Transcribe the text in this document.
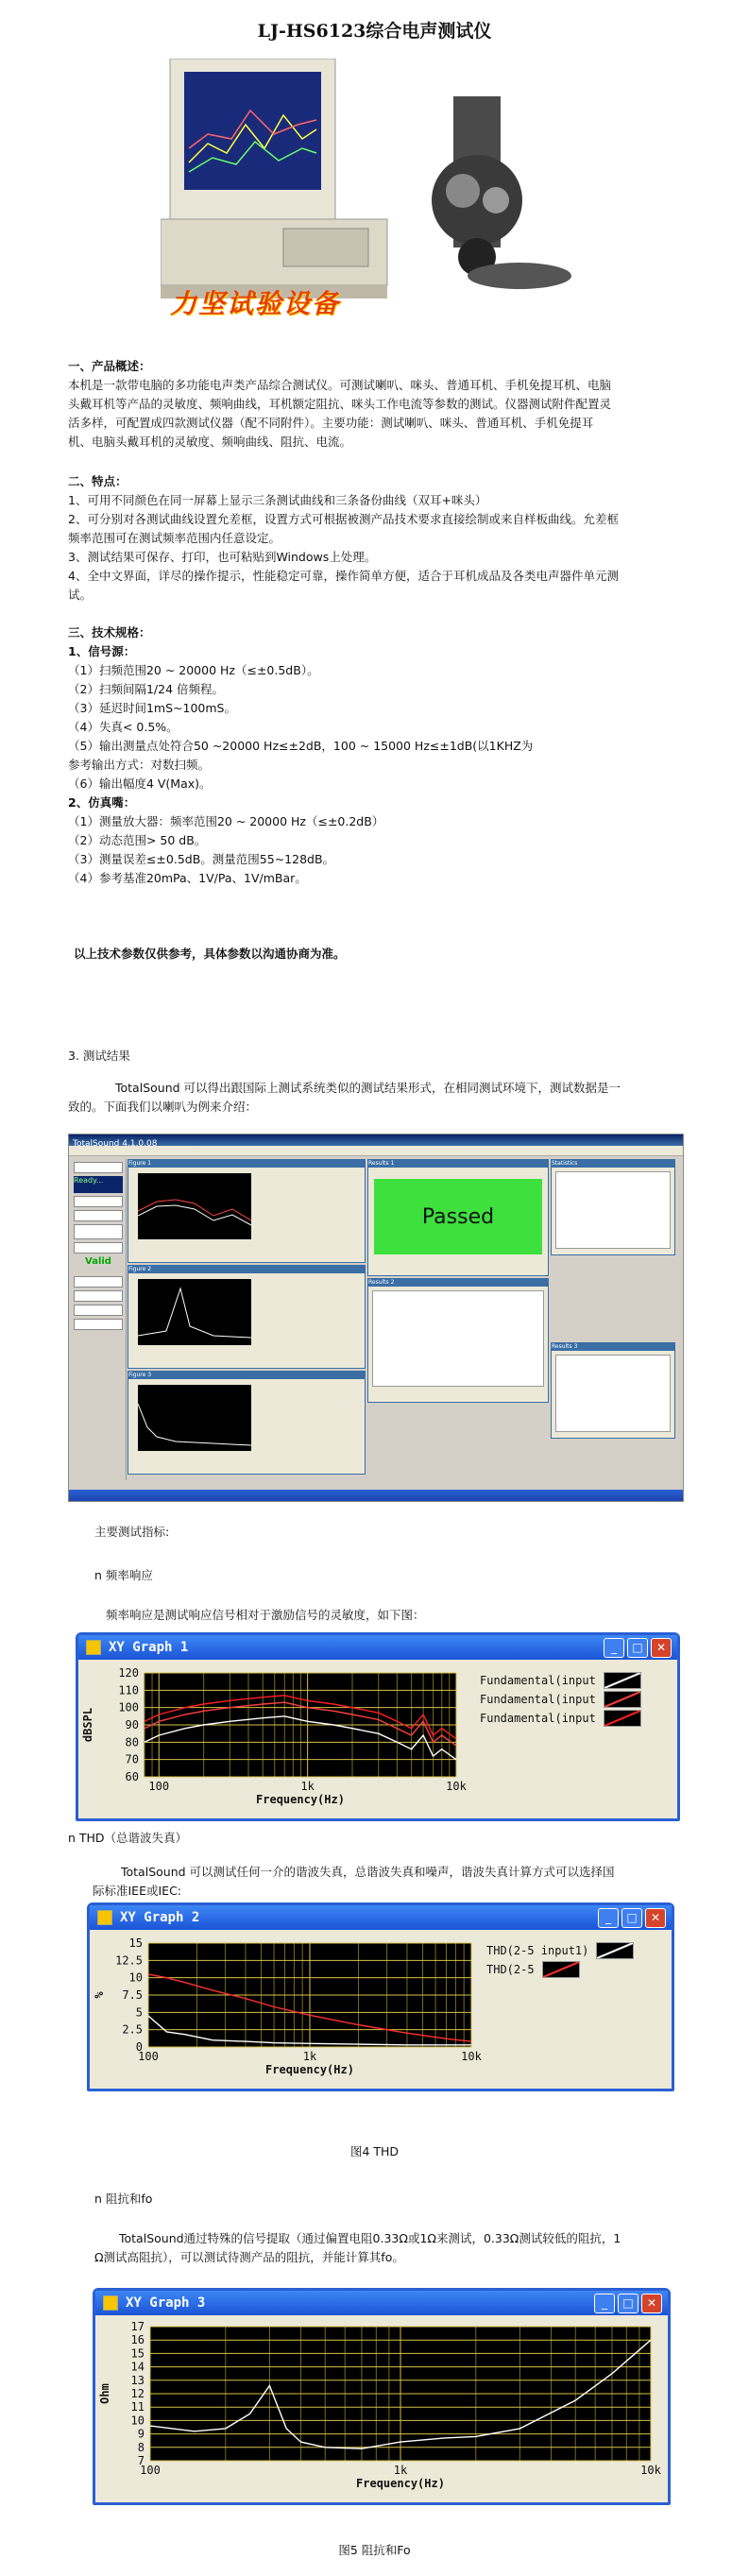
LJ-HS6123综合电声测试仪
力坚试验设备
一、产品概述：
本机是一款带电脑的多功能电声类产品综合测试仪。可测试喇叭、咪头、普通耳机、手机免提耳机、电脑
头戴耳机等产品的灵敏度、频响曲线，耳机额定阻抗、咪头工作电流等参数的测试。仪器测试附件配置灵
活多样，可配置成四款测试仪器（配不同附件）。主要功能：测试喇叭、咪头、普通耳机、手机免提耳
机、电脑头戴耳机的灵敏度、频响曲线、阻抗、电流。
二、特点：
1、可用不同颜色在同一屏幕上显示三条测试曲线和三条备份曲线（双耳+咪头）
2、可分别对各测试曲线设置允差框，设置方式可根据被测产品技术要求直接绘制或来自样板曲线。允差框
频率范围可在测试频率范围内任意设定。
3、测试结果可保存、打印，也可粘贴到Windows上处理。
4、全中文界面，详尽的操作提示，性能稳定可靠，操作简单方便，适合于耳机成品及各类电声器件单元测
试。
三、技术规格：
1、信号源：
（1）扫频范围20 ~ 20000 Hz（≤±0.5dB）。
（2）扫频间隔1/24 倍频程。
（3）延迟时间1mS~100mS。
（4）失真< 0.5%。
（5）输出测量点处符合50 ~20000 Hz≤±2dB，100 ~ 15000 Hz≤±1dB(以1KHZ为
参考输出方式：对数扫频。
（6）输出幅度4 V(Max)。
2、仿真嘴：
（1）测量放大器：频率范围20 ~ 20000 Hz（≤±0.2dB）
（2）动态范围> 50 dB。
（3）测量误差≤±0.5dB。测量范围55~128dB。
（4）参考基准20mPa、1V/Pa、1V/mBar。
以上技术参数仅供参考，具体参数以沟通协商为准。
3. 测试结果
TotalSound 可以得出跟国际上测试系统类似的测试结果形式，在相同测试环境下，测试数据是一
致的。下面我们以喇叭为例来介绍：
TotalSound 4.1.0.08
Ready...
Valid
Figure 1
Figure 2
Figure 3
Results 1
Passed
Results 2
Statistics
Results 3
主要测试指标:
n 频率响应
频率响应是测试响应信号相对于激励信号的灵敏度，如下图：
XY Graph 1	_	□	✕
120
110
100
90
80
70
60
100	1k	10k
Frequency(Hz)
dBSPL
Fundamental(input
Fundamental(input
Fundamental(input
n THD（总谐波失真）
TotalSound 可以测试任何一介的谐波失真，总谐波失真和噪声，谐波失真计算方式可以选择国
际标准IEE或IEC:
XY Graph 2	_	□	✕
15
12.5
10
7.5
5
2.5
0
100	1k	10k
Frequency(Hz)
%
THD(2-5 input1)
THD(2-5
图4 THD
n 阻抗和fo
TotalSound通过特殊的信号提取（通过偏置电阻0.33Ω或1Ω来测试，0.33Ω测试较低的阻抗，1
Ω测试高阻抗），可以测试待测产品的阻抗，并能计算其fo。
XY Graph 3	_	□	✕
17
16
15
14
13
12
11
10
9
8
7
100	1k	10k
Frequency(Hz)
Ohm
图5 阻抗和Fo
